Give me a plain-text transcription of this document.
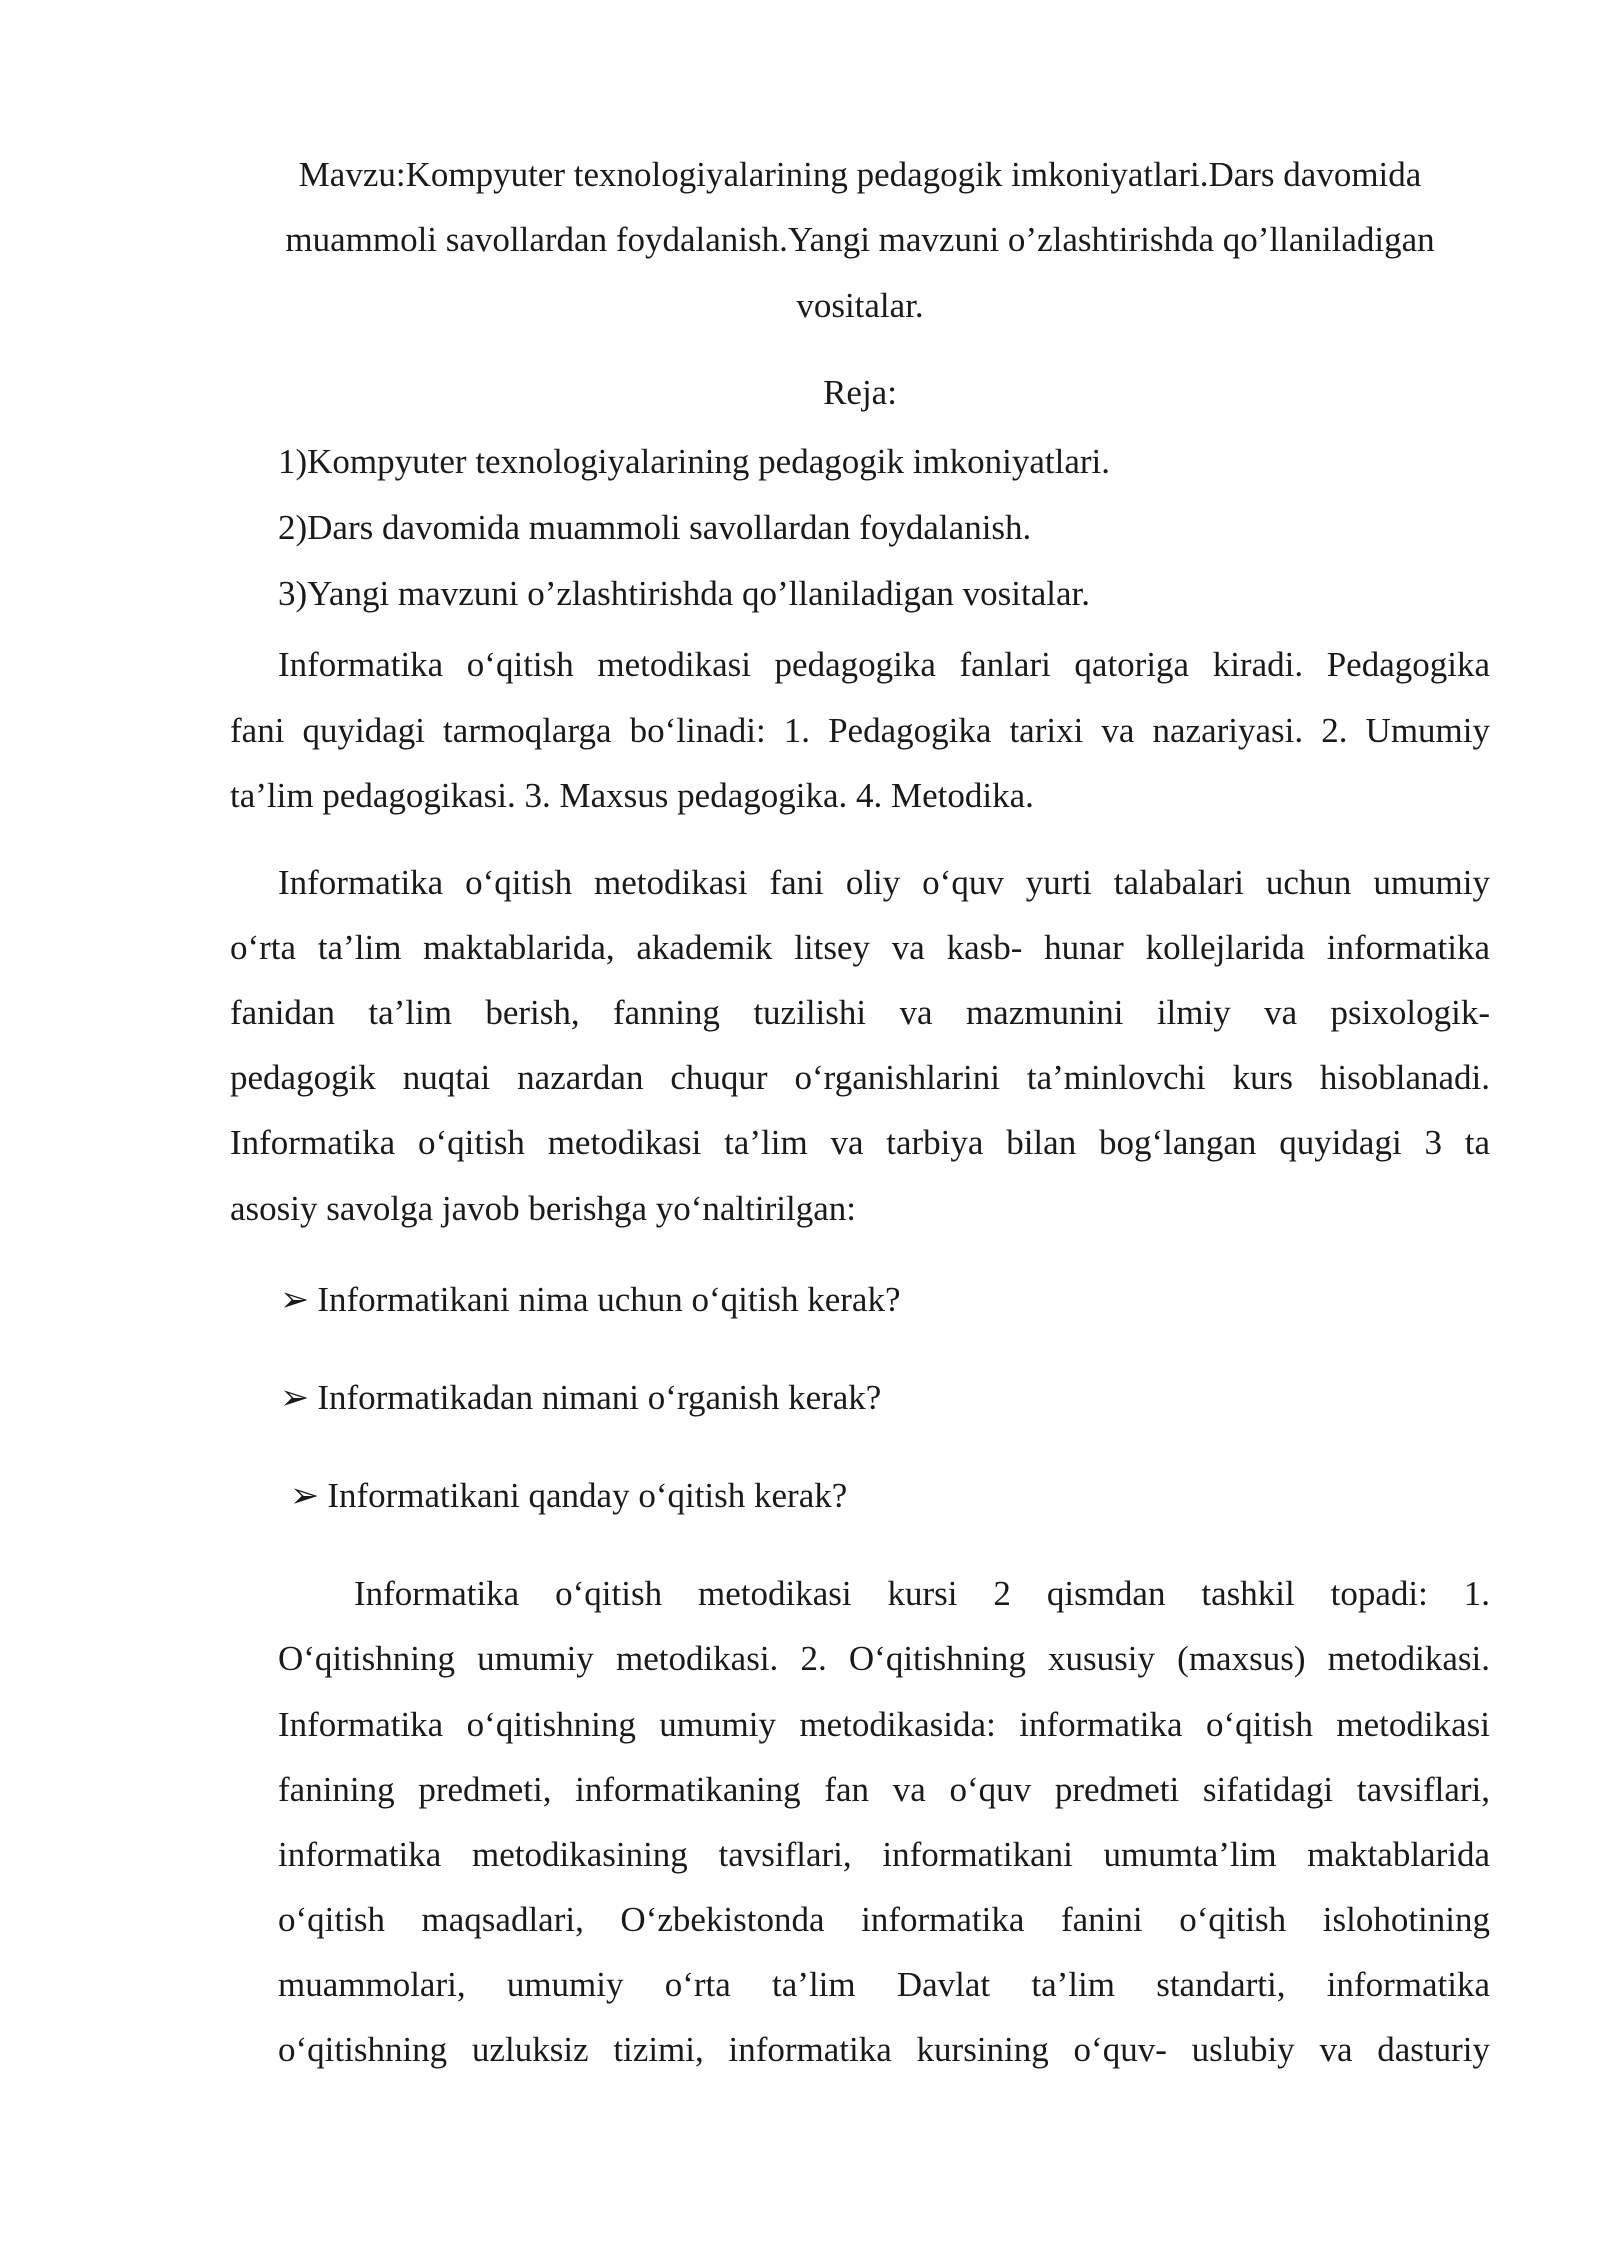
Mavzu:Kompyuter texnologiyalarining pedagogik imkoniyatlari.Dars davomida

muammoli savollardan foydalanish.Yangi mavzuni o’zlashtirishda qo’llaniladigan

vositalar.

Reja:

1)Kompyuter texnologiyalarining pedagogik imkoniyatlari.

2)Dars davomida muammoli savollardan foydalanish.

3)Yangi mavzuni o’zlashtirishda qo’llaniladigan vositalar.

Informatika o‘qitish metodikasi pedagogika fanlari qatoriga kiradi. Pedagogika

fani quyidagi tarmoqlarga bo‘linadi: 1. Pedagogika tarixi va nazariyasi. 2. Umumiy

ta’lim pedagogikasi. 3. Maxsus pedagogika. 4. Metodika.

Informatika o‘qitish metodikasi fani oliy o‘quv yurti talabalari uchun umumiy

o‘rta ta’lim maktablarida, akademik litsey va kasb- hunar kollejlarida informatika

fanidan ta’lim berish, fanning tuzilishi va mazmunini ilmiy va psixologik-

pedagogik nuqtai nazardan chuqur o‘rganishlarini ta’minlovchi kurs hisoblanadi.

Informatika o‘qitish metodikasi ta’lim va tarbiya bilan bog‘langan quyidagi 3 ta

asosiy savolga javob berishga yo‘naltirilgan:

➢ Informatikani nima uchun o‘qitish kerak?

➢ Informatikadan nimani o‘rganish kerak?

➢ Informatikani qanday o‘qitish kerak?

Informatika o‘qitish metodikasi kursi 2 qismdan tashkil topadi: 1.

O‘qitishning umumiy metodikasi. 2. O‘qitishning xususiy (maxsus) metodikasi.

Informatika o‘qitishning umumiy metodikasida: informatika o‘qitish metodikasi

fanining predmeti, informatikaning fan va o‘quv predmeti sifatidagi tavsiflari,

informatika metodikasining tavsiflari, informatikani umumta’lim maktablarida

o‘qitish maqsadlari, O‘zbekistonda informatika fanini o‘qitish islohotining

muammolari, umumiy o‘rta ta’lim Davlat ta’lim standarti, informatika

o‘qitishning uzluksiz tizimi, informatika kursining o‘quv- uslubiy va dasturiy
